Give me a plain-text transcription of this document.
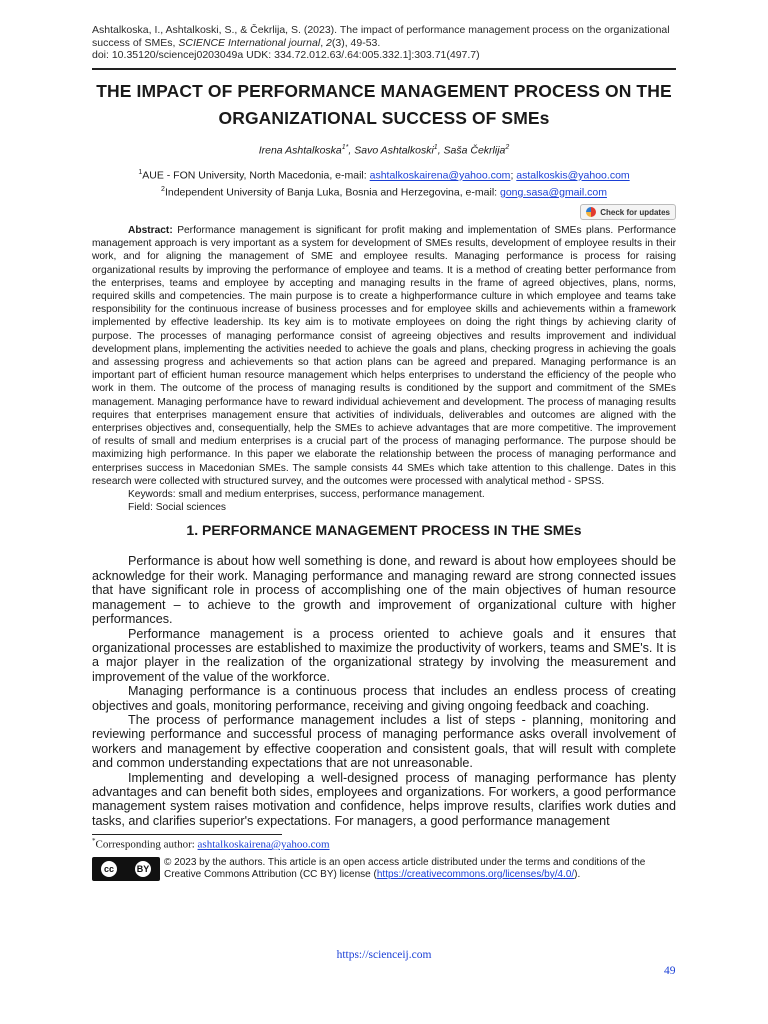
Ashtalkoska, I., Ashtalkoski, S., & Čekrlija, S. (2023). The impact of performance management process on the organizational success of SMEs, SCIENCE International journal, 2(3), 49-53.
doi: 10.35120/sciencej0203049a UDK: 334.72.012.63/.64:005.332.1]:303.71(497.7)
THE IMPACT OF PERFORMANCE MANAGEMENT PROCESS ON THE
ORGANIZATIONAL SUCCESS OF SMEs
Irena Ashtalkoska$^{1*}$, Savo Ashtalkoski$^1$, Saša Čekrlija$^2$
$^1$AUE - FON University, North Macedonia, e-mail: ashtalkoskairena@yahoo.com; astalkoskis@yahoo.com
$^2$Independent University of Banja Luka, Bosnia and Herzegovina, e-mail: gong.sasa@gmail.com
Check for updates
Abstract: Performance management is significant for profit making and implementation of SMEs plans. Performance management approach is very important as a system for development of SMEs results, development of employee results in their work, and for aligning the management of SME and employee results. Managing performance is process for raising organizational results by improving the performance of employee and teams. It is a method of creating better performance from the enterprises, teams and employee by accepting and managing results in the frame of agreed objectives, plans, norms, required skills and competencies. The main purpose is to create a highperformance culture in which employee and teams take responsibility for the continuous increase of business processes and for employee skills and achievements within a framework implemented by effective leadership. Its key aim is to motivate employees on doing the right things by achieving clarity of purpose. The processes of managing performance consist of agreeing objectives and results improvement and individual development plans, implementing the activities needed to achieve the goals and plans, checking progress in achieving the goals and assessing progress and achievements so that action plans can be agreed and prepared. Managing performance is an important part of efficient human resource management which helps enterprises to understand the efficiency of the people who work in them. The outcome of the process of managing results is conditioned by the support and commitment of the SMEs management. Managing performance have to reward individual achievement and development. The process of managing results requires that enterprises management ensure that activities of individuals, deliverables and outcomes are aligned with the enterprises objectives and, consequentially, help the SMEs to achieve advantages that are more competitive. The improvement of results of small and medium enterprises is a crucial part of the process of managing performance. The purpose should be maximizing high performance. In this paper we elaborate the relationship between the process of managing performance and enterprises success in Macedonian SMEs. The sample consists 44 SMEs which take attention to this challenge. Dates in this research were collected with structured survey, and the outcomes were processed with analytical method - SPSS.
Keywords: small and medium enterprises, success, performance management.
Field: Social sciences
1. PERFORMANCE MANAGEMENT PROCESS IN THE SMEs

Performance is about how well something is done, and reward is about how employees should be acknowledge for their work. Managing performance and managing reward are strong connected issues that have significant role in process of accomplishing one of the main objectives of human resource management – to achieve to the growth and improvement of organizational culture with higher performances.

Performance management is a process oriented to achieve goals and it ensures that organizational processes are established to maximize the productivity of workers, teams and SME's. It is a major player in the realization of the organizational strategy by involving the measurement and improvement of the value of the workforce.

Managing performance is a continuous process that includes an endless process of creating objectives and goals, monitoring performance, receiving and giving ongoing feedback and coaching.

The process of performance management includes a list of steps - planning, monitoring and reviewing performance and successful process of managing performance asks overall involvement of workers and management by effective cooperation and consistent goals, that will result with complete and common understanding expectations that are not unreasonable.

Implementing and developing a well-designed process of managing performance has plenty advantages and can benefit both sides, employees and organizations. For workers, a good performance management system raises motivation and confidence, helps improve results, clarifies work duties and tasks, and clarifies superior's expectations. For managers, a good performance management

*Corresponding author: ashtalkoskairena@yahoo.com
cc	BY
© 2023 by the authors. This article is an open access article distributed under the terms and conditions of the Creative Commons Attribution (CC BY) license (https://creativecommons.org/licenses/by/4.0/).
https://scienceij.com
49
